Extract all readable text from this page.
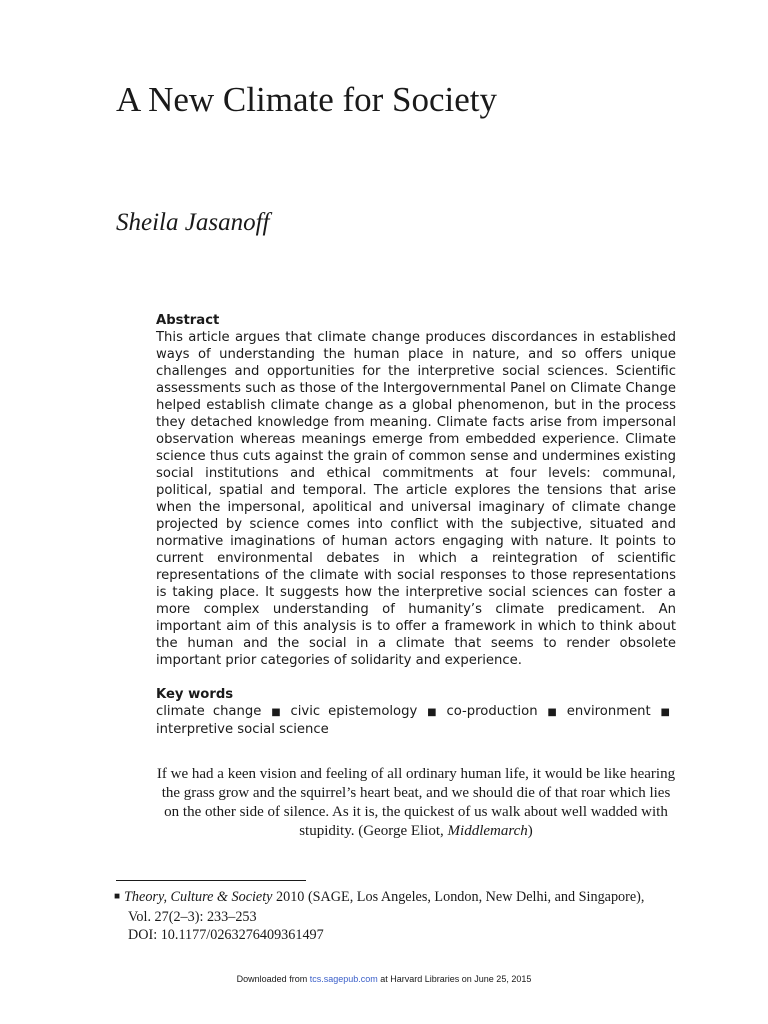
A New Climate for Society
Sheila Jasanoff
Abstract

This article argues that climate change produces discordances in established ways of understanding the human place in nature, and so offers unique challenges and opportunities for the interpretive social sciences. Scientific assessments such as those of the Intergovernmental Panel on Climate Change helped establish climate change as a global phenomenon, but in the process they detached knowledge from meaning. Climate facts arise from impersonal observation whereas meanings emerge from embedded experience. Climate science thus cuts against the grain of common sense and undermines existing social institutions and ethical commitments at four levels: communal, political, spatial and temporal. The article explores the tensions that arise when the impersonal, apolitical and universal imaginary of climate change projected by science comes into conflict with the subjective, situated and normative imaginations of human actors engaging with nature. It points to current environmental debates in which a reintegration of scientific representations of the climate with social responses to those representations is taking place. It suggests how the interpretive social sciences can foster a more complex understanding of humanity’s climate predicament. An important aim of this analysis is to offer a framework in which to think about the human and the social in a climate that seems to render obsolete important prior categories of solidarity and experience.

Key words
climate change ■ civic epistemology ■ co-production ■ environment ■
interpretive social science
If we had a keen vision and feeling of all ordinary human life, it would be like hearing the grass grow and the squirrel’s heart beat, and we should die of that roar which lies on the other side of silence. As it is, the quickest of us walk about well wadded with stupidity. (George Eliot, Middlemarch)
■ Theory, Culture & Society 2010 (SAGE, Los Angeles, London, New Delhi, and Singapore),
Vol. 27(2–3): 233–253
DOI: 10.1177/0263276409361497
Downloaded from tcs.sagepub.com at Harvard Libraries on June 25, 2015
